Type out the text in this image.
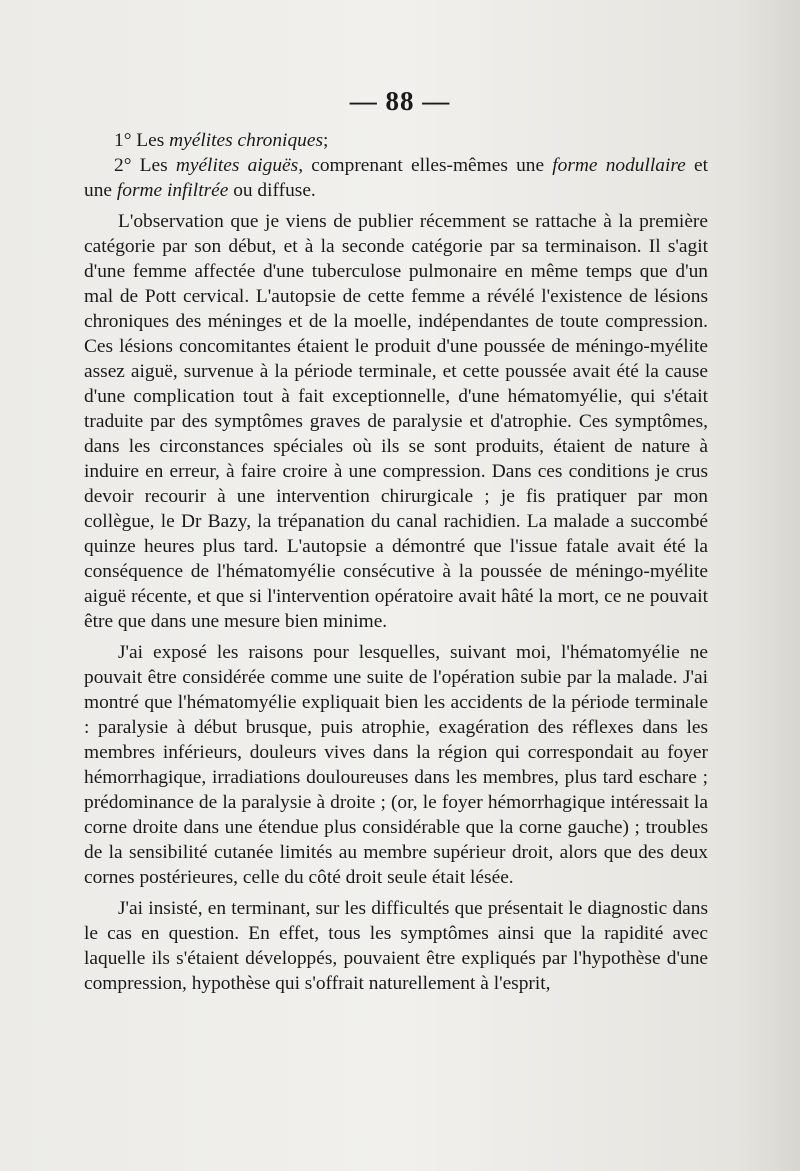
— 88 —

1° Les myélites chroniques;

2° Les myélites aiguës, comprenant elles-mêmes une forme nodullaire et une forme infiltrée ou diffuse.

L'observation que je viens de publier récemment se rattache à la première catégorie par son début, et à la seconde catégorie par sa terminaison. Il s'agit d'une femme affectée d'une tuberculose pulmonaire en même temps que d'un mal de Pott cervical. L'autopsie de cette femme a révélé l'existence de lésions chroniques des méninges et de la moelle, indépendantes de toute compression. Ces lésions concomitantes étaient le produit d'une poussée de méningo-myélite assez aiguë, survenue à la période terminale, et cette poussée avait été la cause d'une complication tout à fait exceptionnelle, d'une hématomyélie, qui s'était traduite par des symptômes graves de paralysie et d'atrophie. Ces symptômes, dans les circonstances spéciales où ils se sont produits, étaient de nature à induire en erreur, à faire croire à une compression. Dans ces conditions je crus devoir recourir à une intervention chirurgicale ; je fis pratiquer par mon collègue, le Dr Bazy, la trépanation du canal rachidien. La malade a succombé quinze heures plus tard. L'autopsie a démontré que l'issue fatale avait été la conséquence de l'hématomyélie consécutive à la poussée de méningo-myélite aiguë récente, et que si l'intervention opératoire avait hâté la mort, ce ne pouvait être que dans une mesure bien minime.

J'ai exposé les raisons pour lesquelles, suivant moi, l'hématomyélie ne pouvait être considérée comme une suite de l'opération subie par la malade. J'ai montré que l'hématomyélie expliquait bien les accidents de la période terminale : paralysie à début brusque, puis atrophie, exagération des réflexes dans les membres inférieurs, douleurs vives dans la région qui correspondait au foyer hémorrhagique, irradiations douloureuses dans les membres, plus tard eschare ; prédominance de la paralysie à droite ; (or, le foyer hémorrhagique intéressait la corne droite dans une étendue plus considérable que la corne gauche) ; troubles de la sensibilité cutanée limités au membre supérieur droit, alors que des deux cornes postérieures, celle du côté droit seule était lésée.

J'ai insisté, en terminant, sur les difficultés que présentait le diagnostic dans le cas en question. En effet, tous les symptômes ainsi que la rapidité avec laquelle ils s'étaient développés, pouvaient être expliqués par l'hypothèse d'une compression, hypothèse qui s'offrait naturellement à l'esprit,
